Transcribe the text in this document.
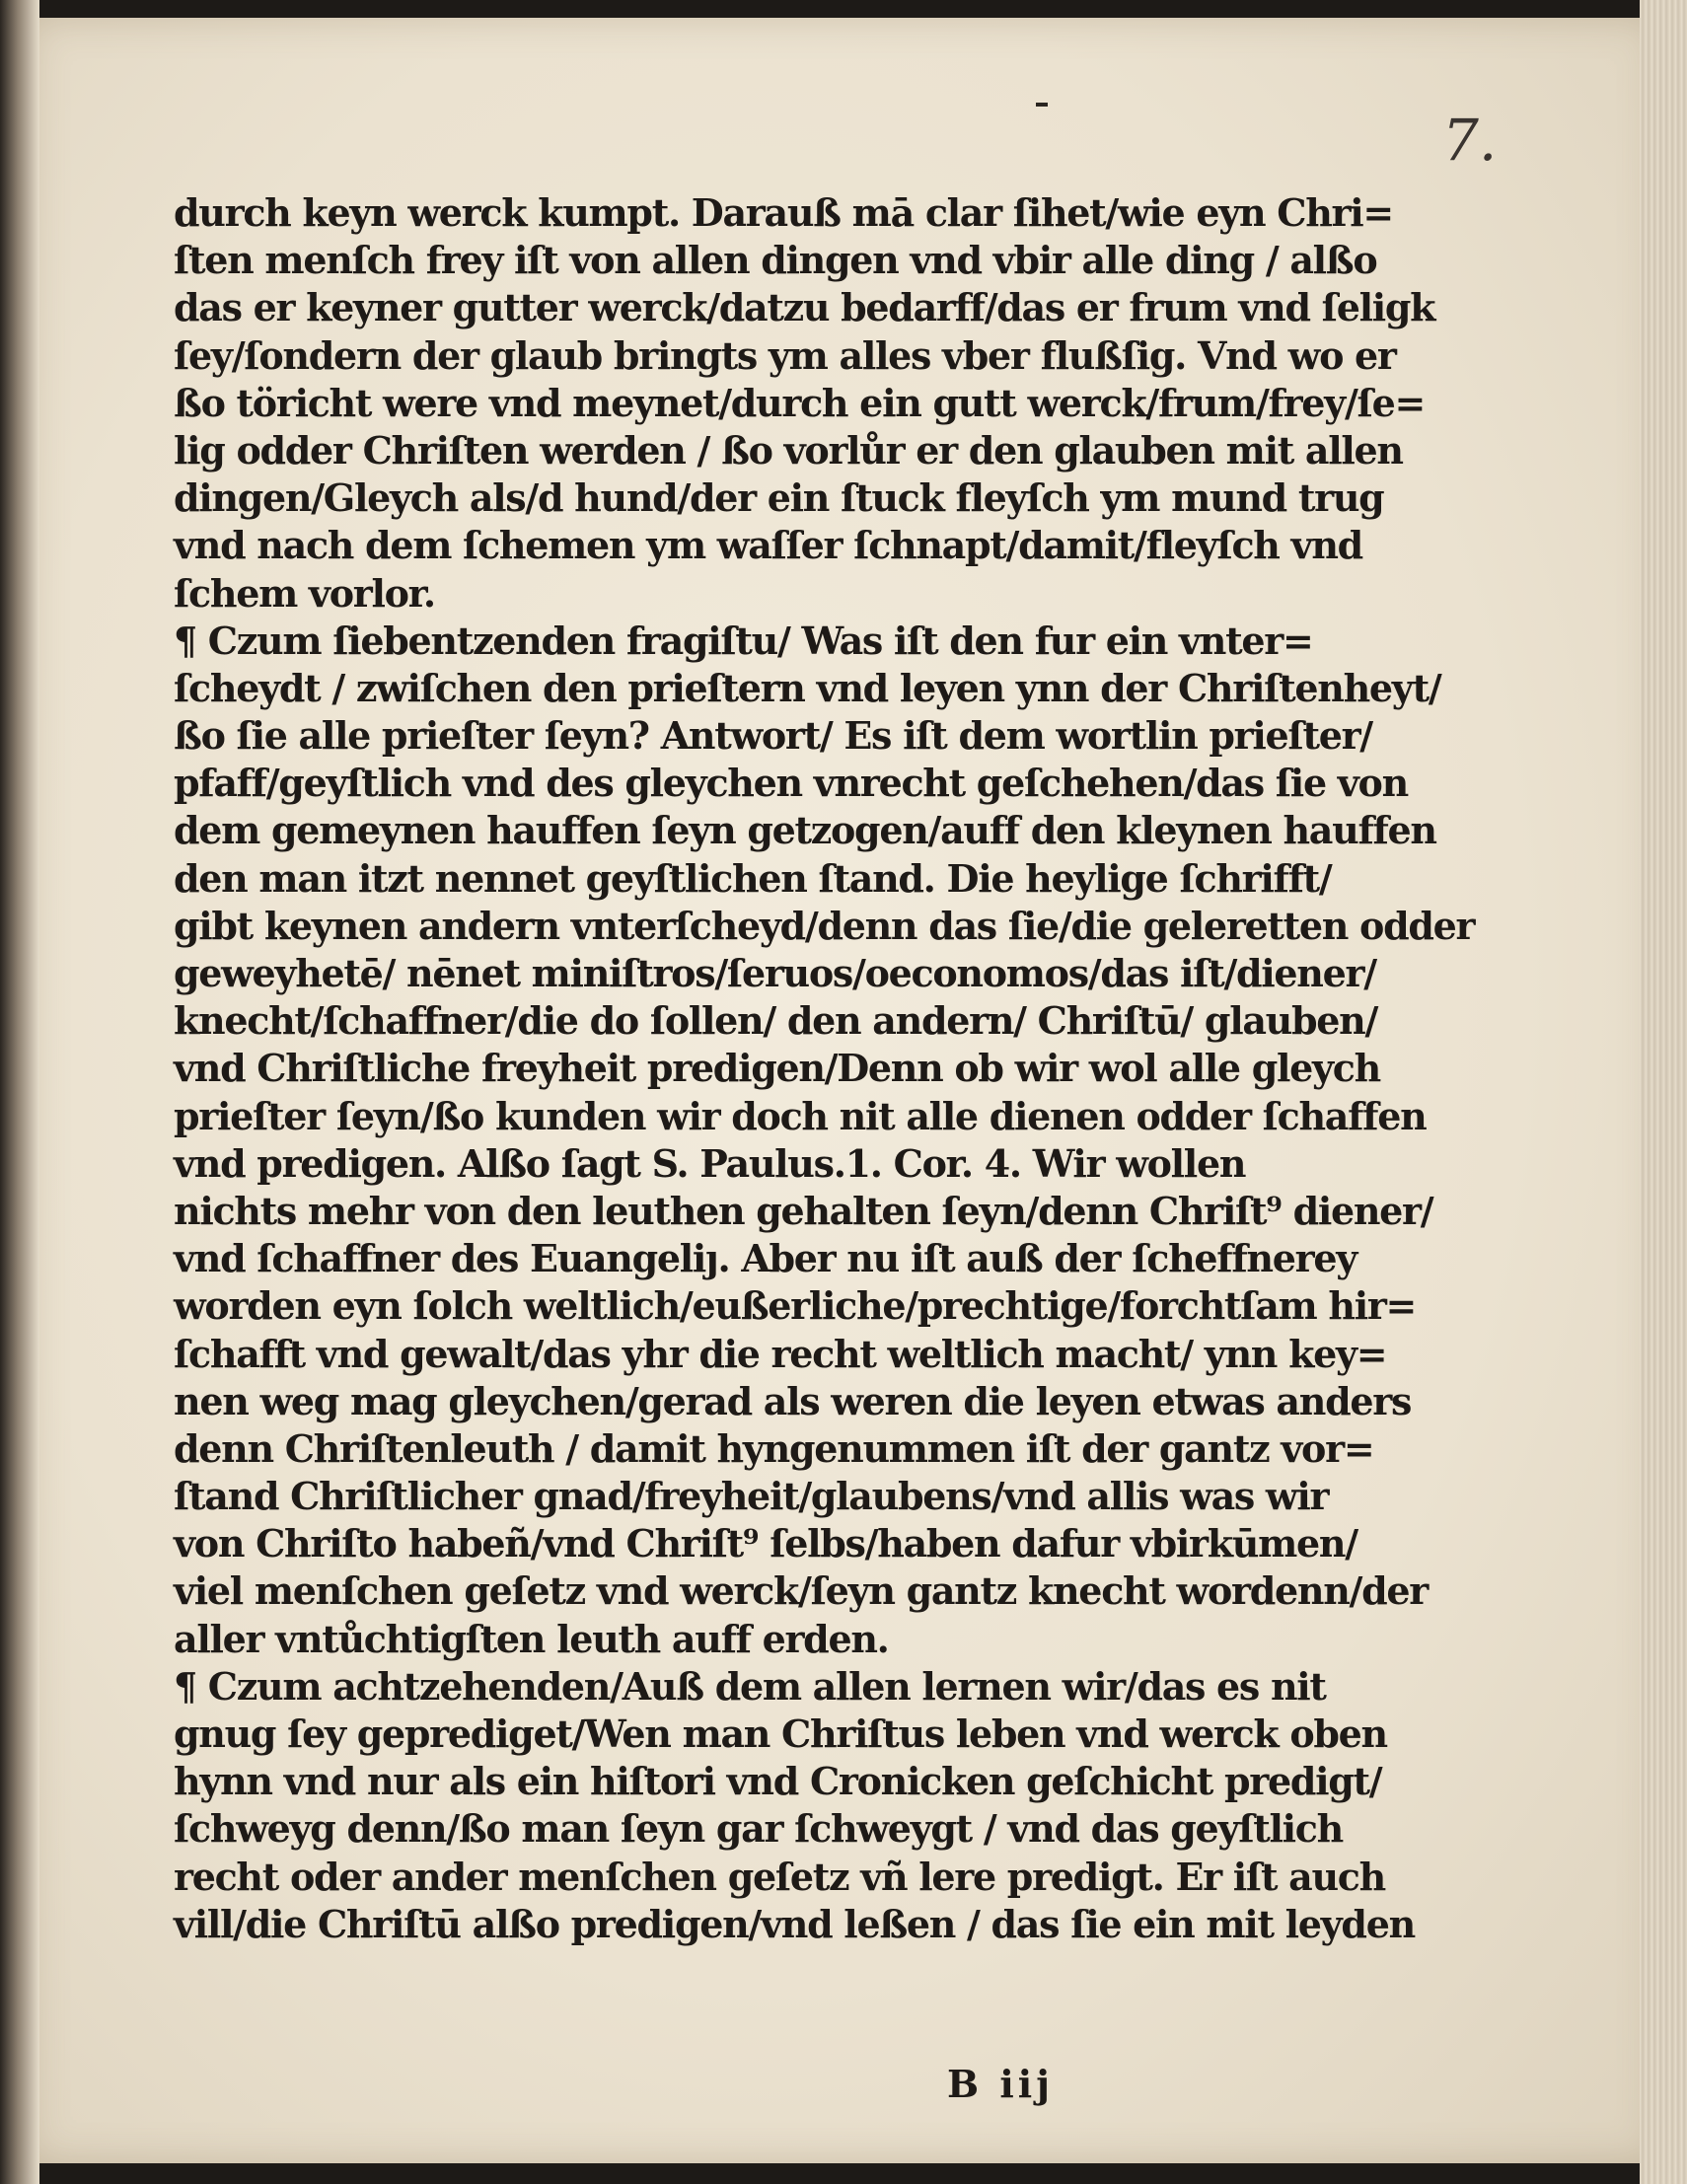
7.
durch keyn werck kumpt. Darauß mā clar ſihet/wie eyn Chri=
ſten menſch frey iſt von allen dingen vnd vbir alle ding / alßo
das er keyner gutter werck/datzu bedarff/das er frum vnd ſeligk
ſey/ſondern der glaub bringts ym alles vber flußſig. Vnd wo er
ßo töricht were vnd meynet/durch ein gutt werck/frum/frey/ſe=
lig odder Chriſten werden / ßo vorlůr er den glauben mit allen
dingen/Gleych als/d hund/der ein ſtuck fleyſch ym mund trug
vnd nach dem ſchemen ym waſſer ſchnapt/damit/fleyſch vnd
ſchem vorlor.
¶ Czum ſiebentzenden fragiſtu/ Was iſt den fur ein vnter=
ſcheydt / zwiſchen den prieſtern vnd leyen ynn der Chriſtenheyt/
ßo ſie alle prieſter ſeyn? Antwort/ Es iſt dem wortlin prieſter/
pfaff/geyſtlich vnd des gleychen vnrecht geſchehen/das ſie von
dem gemeynen hauffen ſeyn getzogen/auff den kleynen hauffen
den man itzt nennet geyſtlichen ſtand. Die heylige ſchrifft/
gibt keynen andern vnterſcheyd/denn das ſie/die geleretten odder
geweyhetē/ nēnet miniſtros/ſeruos/oeconomos/das iſt/diener/
knecht/ſchaffner/die do ſollen/ den andern/ Chriſtū/ glauben/
vnd Chriſtliche freyheit predigen/Denn ob wir wol alle gleych
prieſter ſeyn/ßo kunden wir doch nit alle dienen odder ſchaffen
vnd predigen. Alßo ſagt S. Paulus.1. Cor. 4. Wir wollen
nichts mehr von den leuthen gehalten ſeyn/denn Chriſt⁹ diener/
vnd ſchaffner des Euangeliȷ. Aber nu iſt auß der ſcheffnerey
worden eyn ſolch weltlich/eußerliche/prechtige/forchtſam hir=
ſchafft vnd gewalt/das yhr die recht weltlich macht/ ynn key=
nen weg mag gleychen/gerad als weren die leyen etwas anders
denn Chriſtenleuth / damit hyngenummen iſt der gantz vor=
ſtand Chriſtlicher gnad/freyheit/glaubens/vnd allis was wir
von Chriſto habeñ/vnd Chriſt⁹ ſelbs/haben dafur vbirkūmen/
viel menſchen geſetz vnd werck/ſeyn gantz knecht wordenn/der
aller vntůchtigſten leuth auff erden.
¶ Czum achtzehenden/Auß dem allen lernen wir/das es nit
gnug ſey geprediget/Wen man Chriſtus leben vnd werck oben
hynn vnd nur als ein hiſtori vnd Cronicken geſchicht predigt/
ſchweyg denn/ßo man ſeyn gar ſchweygt / vnd das geyſtlich
recht oder ander menſchen geſetz vñ lere predigt. Er iſt auch
vill/die Chriſtū alßo predigen/vnd leßen / das ſie ein mit leyden
B iij
